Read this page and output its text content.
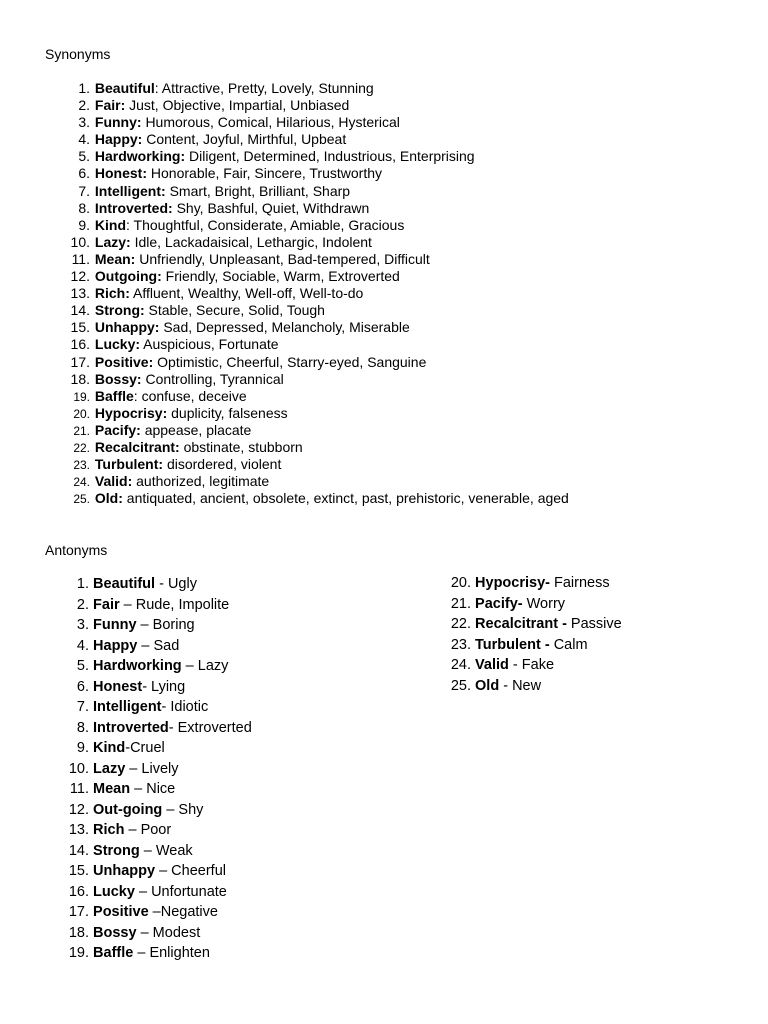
Synonyms
1. Beautiful: Attractive, Pretty, Lovely, Stunning
2. Fair: Just, Objective, Impartial, Unbiased
3. Funny: Humorous, Comical, Hilarious, Hysterical
4. Happy: Content, Joyful, Mirthful, Upbeat
5. Hardworking: Diligent, Determined, Industrious, Enterprising
6. Honest: Honorable, Fair, Sincere, Trustworthy
7. Intelligent: Smart, Bright, Brilliant, Sharp
8. Introverted: Shy, Bashful, Quiet, Withdrawn
9. Kind: Thoughtful, Considerate, Amiable, Gracious
10. Lazy: Idle, Lackadaisical, Lethargic, Indolent
11. Mean: Unfriendly, Unpleasant, Bad-tempered, Difficult
12. Outgoing: Friendly, Sociable, Warm, Extroverted
13. Rich: Affluent, Wealthy, Well-off, Well-to-do
14. Strong: Stable, Secure, Solid, Tough
15. Unhappy: Sad, Depressed, Melancholy, Miserable
16. Lucky: Auspicious, Fortunate
17. Positive: Optimistic, Cheerful, Starry-eyed, Sanguine
18. Bossy: Controlling, Tyrannical
19. Baffle: confuse, deceive
20. Hypocrisy: duplicity, falseness
21. Pacify: appease, placate
22. Recalcitrant: obstinate, stubborn
23. Turbulent: disordered, violent
24. Valid: authorized, legitimate
25. Old: antiquated, ancient, obsolete, extinct, past, prehistoric, venerable, aged
Antonyms
1. Beautiful - Ugly
2. Fair – Rude, Impolite
3. Funny – Boring
4. Happy – Sad
5. Hardworking – Lazy
6. Honest- Lying
7. Intelligent- Idiotic
8. Introverted- Extroverted
9. Kind-Cruel
10. Lazy – Lively
11. Mean – Nice
12. Out-going – Shy
13. Rich – Poor
14. Strong – Weak
15. Unhappy – Cheerful
16. Lucky – Unfortunate
17. Positive –Negative
18. Bossy – Modest
19. Baffle – Enlighten
20. Hypocrisy- Fairness
21. Pacify- Worry
22. Recalcitrant - Passive
23. Turbulent - Calm
24. Valid - Fake
25. Old - New
